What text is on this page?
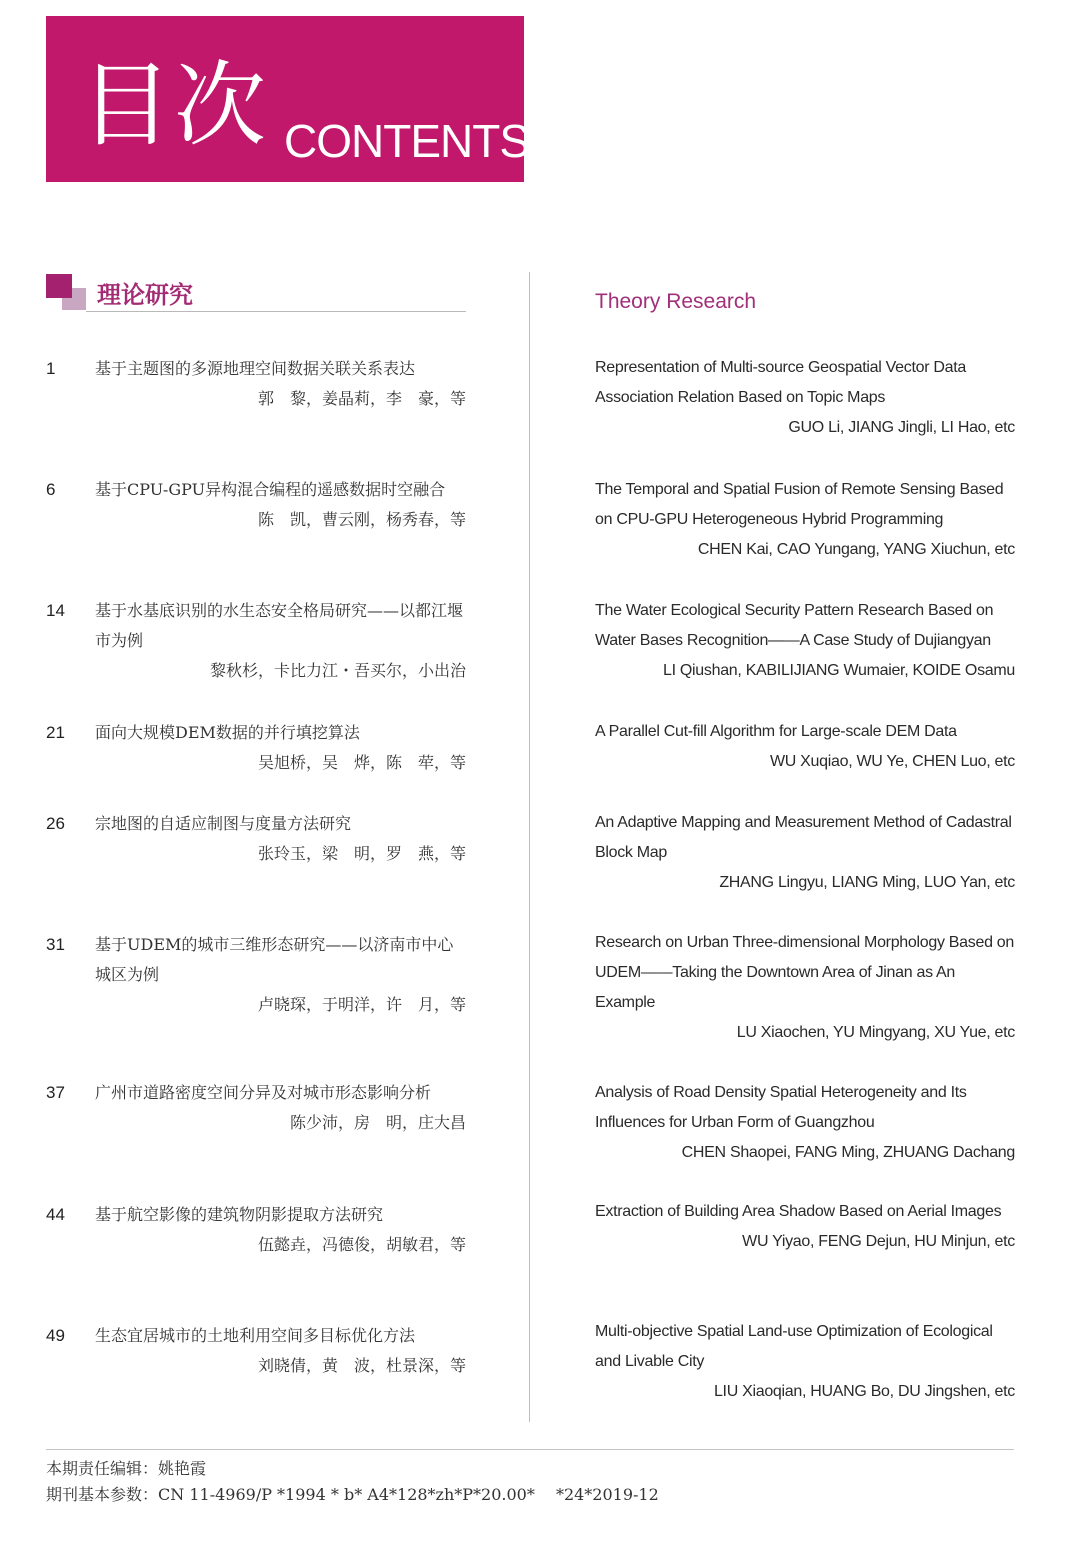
目次 CONTENTS
理论研究	Theory Research
1 基于主题图的多源地理空间数据关联关系表达
郭　黎，姜晶莉，李　豪，等
Representation of Multi-source Geospatial Vector Data Association Relation Based on Topic Maps
GUO Li, JIANG Jingli, LI Hao, etc
6 基于CPU-GPU异构混合编程的遥感数据时空融合
陈　凯，曹云刚，杨秀春，等
The Temporal and Spatial Fusion of Remote Sensing Based on CPU-GPU Heterogeneous Hybrid Programming
CHEN Kai, CAO Yungang, YANG Xiuchun, etc
14 基于水基底识别的水生态安全格局研究——以都江堰市为例
黎秋杉，卡比力江・吾买尔，小出治
The Water Ecological Security Pattern Research Based on Water Bases Recognition——A Case Study of Dujiangyan
LI Qiushan, KABILIJIANG Wumaier, KOIDE Osamu
21 面向大规模DEM数据的并行填挖算法
吴旭桥，吴　烨，陈　荦，等
A Parallel Cut-fill Algorithm for Large-scale DEM Data
WU Xuqiao, WU Ye, CHEN Luo, etc
26 宗地图的自适应制图与度量方法研究
张玲玉，梁　明，罗　燕，等
An Adaptive Mapping and Measurement Method of Cadastral Block Map
ZHANG Lingyu, LIANG Ming, LUO Yan, etc
31 基于UDEM的城市三维形态研究——以济南市中心城区为例
卢晓琛，于明洋，许　月，等
Research on Urban Three-dimensional Morphology Based on UDEM——Taking the Downtown Area of Jinan as An Example
LU Xiaochen, YU Mingyang, XU Yue, etc
37 广州市道路密度空间分异及对城市形态影响分析
陈少沛，房　明，庄大昌
Analysis of Road Density Spatial Heterogeneity and Its Influences for Urban Form of Guangzhou
CHEN Shaopei, FANG Ming, ZHUANG Dachang
44 基于航空影像的建筑物阴影提取方法研究
伍懿垚，冯德俊，胡敏君，等
Extraction of Building Area Shadow Based on Aerial Images
WU Yiyao, FENG Dejun, HU Minjun, etc
49 生态宜居城市的土地利用空间多目标优化方法
刘晓倩，黄　波，杜景深，等
Multi-objective Spatial Land-use Optimization of Ecological and Livable City
LIU Xiaoqian, HUANG Bo, DU Jingshen, etc
本期责任编辑：姚艳霞
期刊基本参数：CN 11-4969/P *1994 * b* A4*128*zh*P*20.00*　 *24*2019-12
